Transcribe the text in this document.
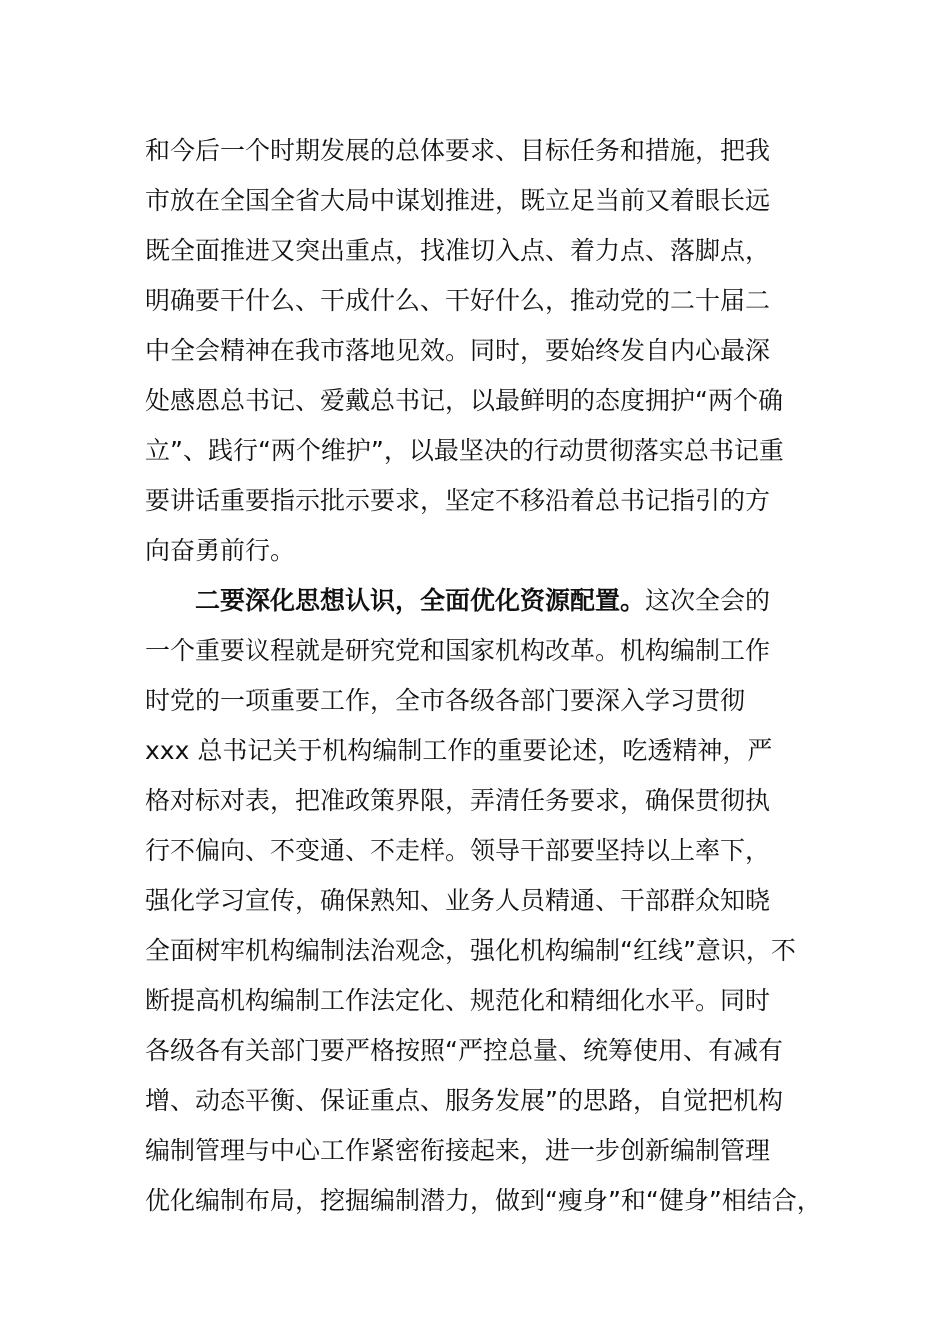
和今后一个时期发展的总体要求、目标任务和措施，把我
市放在全国全省大局中谋划推进，既立足当前又着眼长远
既全面推进又突出重点，找准切入点、着力点、落脚点，
明确要干什么、干成什么、干好什么，推动党的二十届二
中全会精神在我市落地见效。同时，要始终发自内心最深
处感恩总书记、爱戴总书记，以最鲜明的态度拥护“两个确
立”、践行“两个维护”，以最坚决的行动贯彻落实总书记重
要讲话重要指示批示要求，坚定不移沿着总书记指引的方
向奋勇前行。
二要深化思想认识，全面优化资源配置。这次全会的
一个重要议程就是研究党和国家机构改革。机构编制工作
时党的一项重要工作，全市各级各部门要深入学习贯彻
xxx 总书记关于机构编制工作的重要论述，吃透精神，严
格对标对表，把准政策界限，弄清任务要求，确保贯彻执
行不偏向、不变通、不走样。领导干部要坚持以上率下，
强化学习宣传，确保熟知、业务人员精通、干部群众知晓
全面树牢机构编制法治观念，强化机构编制“红线”意识，不
断提高机构编制工作法定化、规范化和精细化水平。同时
各级各有关部门要严格按照“严控总量、统筹使用、有减有
增、动态平衡、保证重点、服务发展”的思路，自觉把机构
编制管理与中心工作紧密衔接起来，进一步创新编制管理
优化编制布局，挖掘编制潜力，做到“瘦身”和“健身”相结合，
